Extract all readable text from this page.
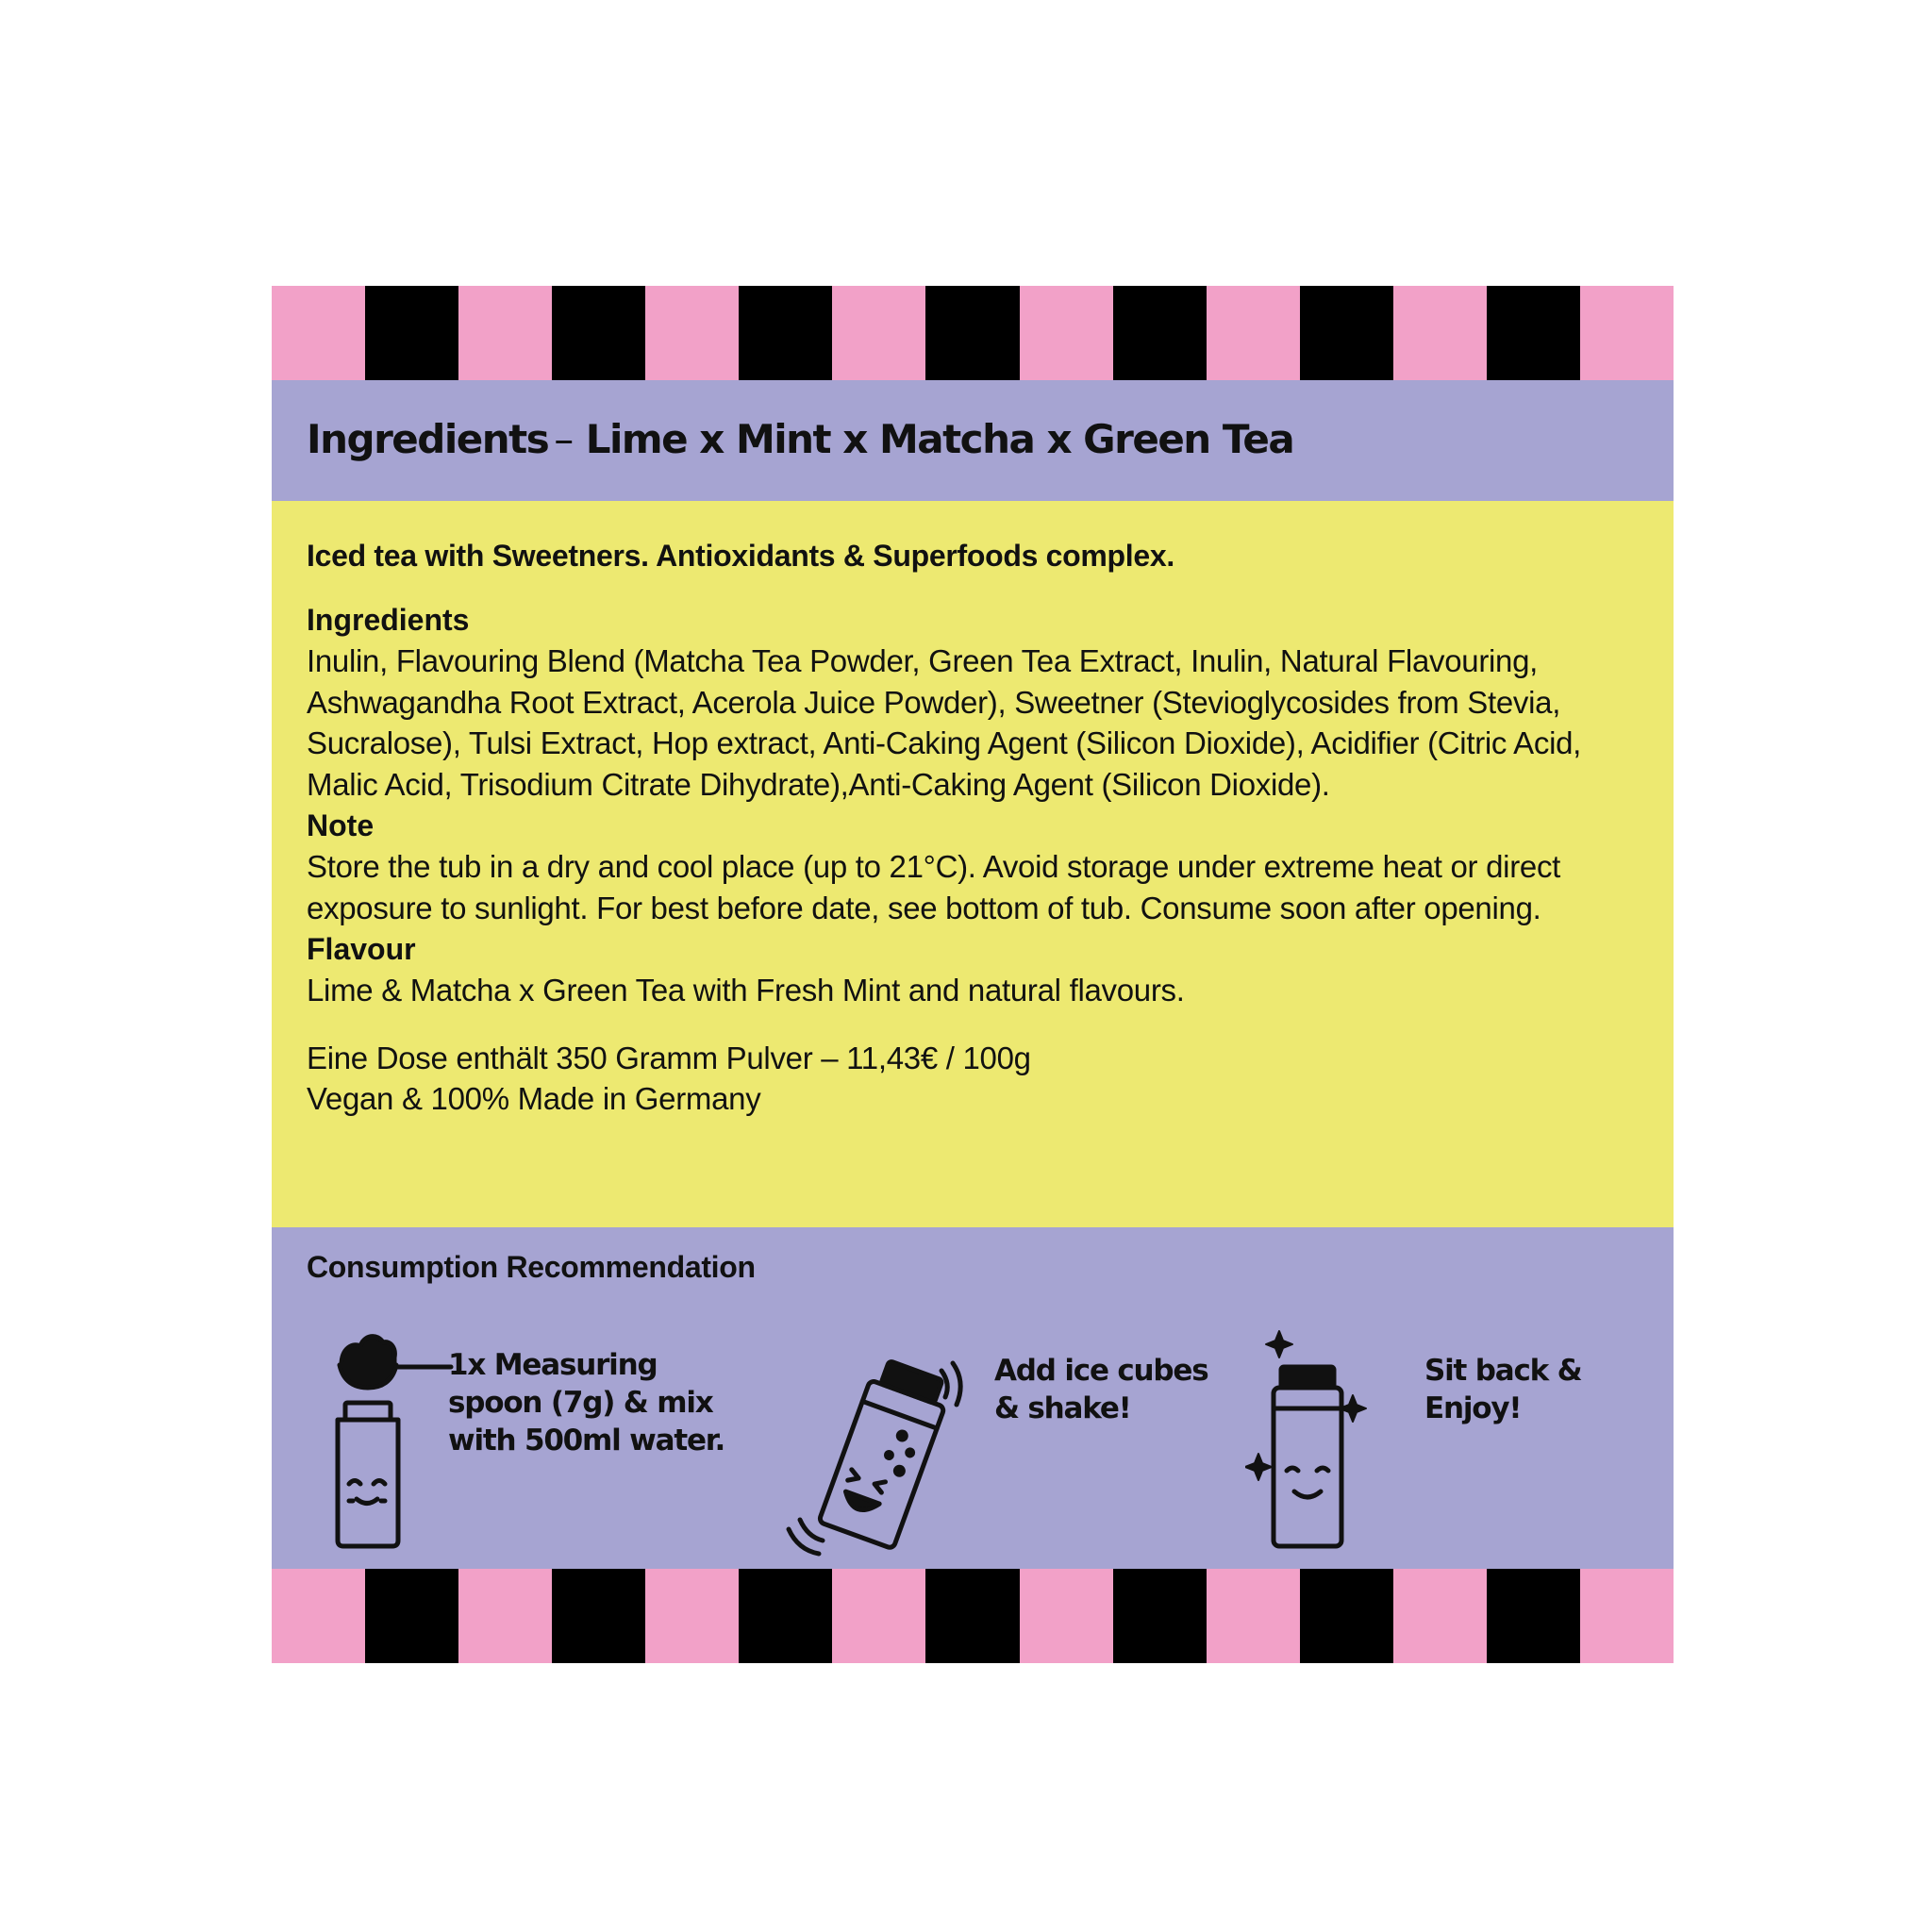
Ingredients – Lime x Mint x Matcha x Green Tea

Iced tea with Sweetners. Antioxidants & Superfoods complex.

Ingredients

Inulin, Flavouring Blend (Matcha Tea Powder, Green Tea Extract, Inulin, Natural Flavouring, Ashwagandha Root Extract, Acerola Juice Powder), Sweetner (Stevioglycosides from Stevia, Sucralose), Tulsi Extract, Hop extract, Anti-Caking Agent (Silicon Dioxide), Acidifier (Citric Acid, Malic Acid, Trisodium Citrate Dihydrate),Anti-Caking Agent (Silicon Dioxide).

Note

Store the tub in a dry and cool place (up to 21°C). Avoid storage under extreme heat or direct exposure to sunlight. For best before date, see bottom of tub. Consume soon after opening.

Flavour

Lime & Matcha x Green Tea with Fresh Mint and natural flavours.

Eine Dose enthält 350 Gramm Pulver – 11,43€ / 100g

Vegan & 100% Made in Germany

Consumption Recommendation

1x Measuring
spoon (7g) & mix
with 500ml water.

Add ice cubes
& shake!

Sit back &
Enjoy!
